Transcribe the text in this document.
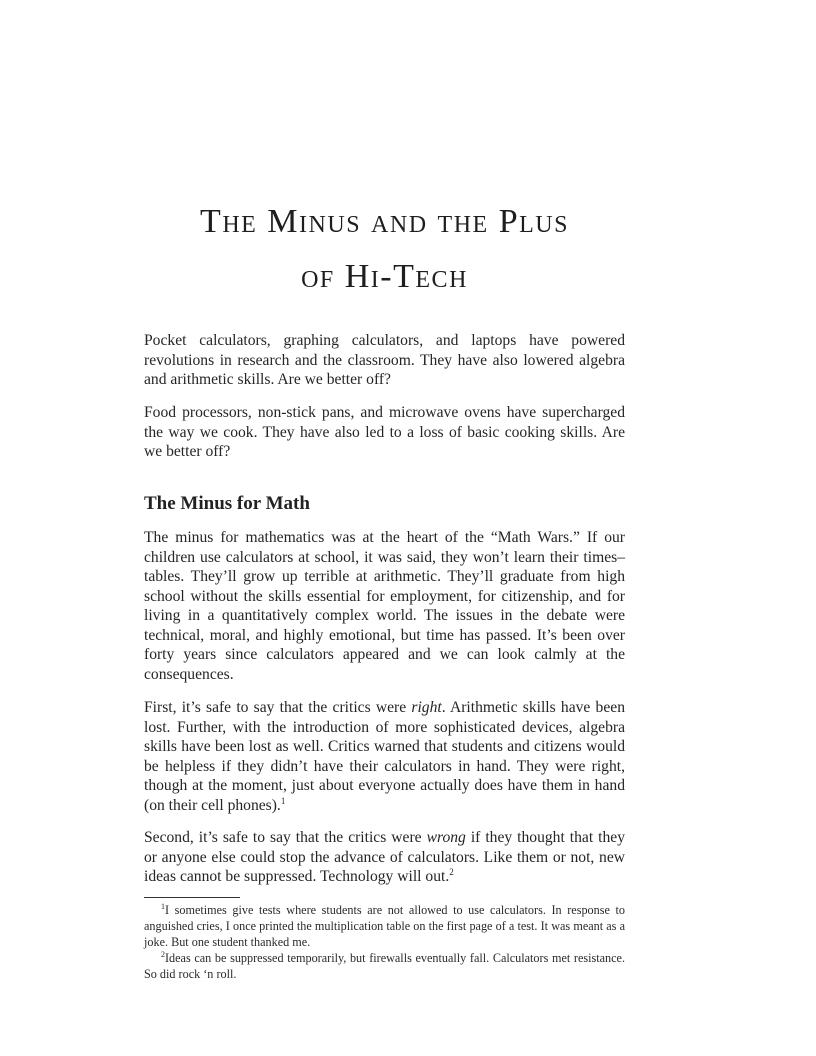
The Minus and the Plus
of Hi-Tech

Pocket calculators, graphing calculators, and laptops have powered revolutions in research and the classroom. They have also lowered algebra and arithmetic skills. Are we better off?

Food processors, non-stick pans, and microwave ovens have supercharged the way we cook. They have also led to a loss of basic cooking skills. Are we better off?

The Minus for Math

The minus for mathematics was at the heart of the “Math Wars.” If our children use calculators at school, it was said, they won’t learn their times–tables. They’ll grow up terrible at arithmetic. They’ll graduate from high school without the skills essential for employment, for citizenship, and for living in a quantitatively complex world. The issues in the debate were technical, moral, and highly emotional, but time has passed. It’s been over forty years since calculators appeared and we can look calmly at the consequences.

First, it’s safe to say that the critics were right. Arithmetic skills have been lost. Further, with the introduction of more sophisticated devices, algebra skills have been lost as well. Critics warned that students and citizens would be helpless if they didn’t have their calculators in hand. They were right, though at the moment, just about everyone actually does have them in hand (on their cell phones).$^1$

Second, it’s safe to say that the critics were wrong if they thought that they or anyone else could stop the advance of calculators. Like them or not, new ideas cannot be suppressed. Technology will out.$^2$

$^1$I sometimes give tests where students are not allowed to use calculators. In response to anguished cries, I once printed the multiplication table on the first page of a test. It was meant as a joke. But one student thanked me.

$^2$Ideas can be suppressed temporarily, but firewalls eventually fall. Calculators met resistance. So did rock ‘n roll.
